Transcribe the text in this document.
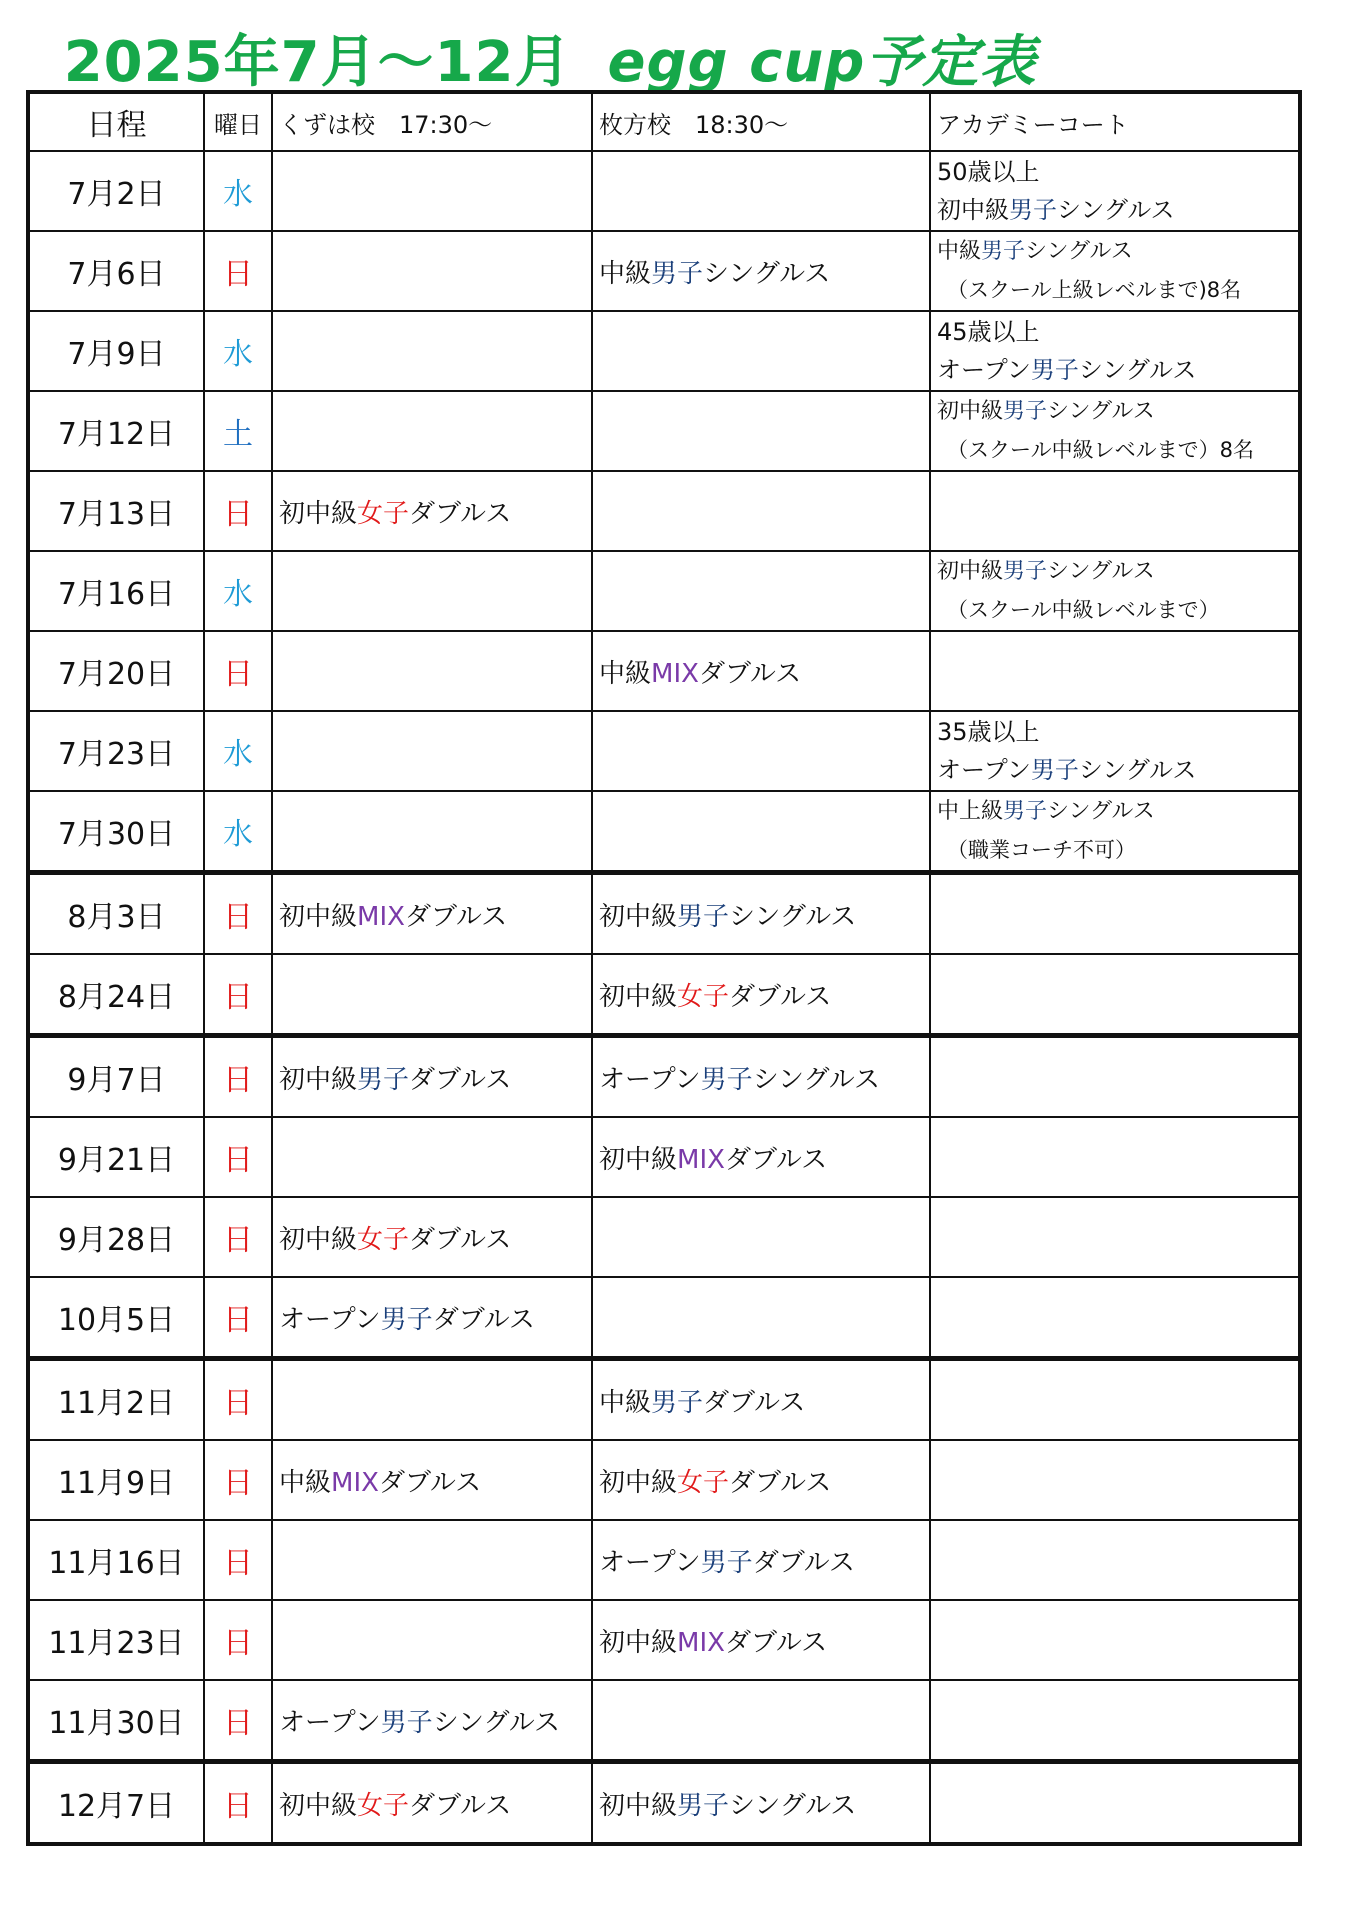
2025年7月～12月 egg cup予定表
日程	曜日	くずは校　17:30～	枚方校　18:30～	アカデミーコート
7月2日	水			50歳以上
初中級男子シングルス

7月6日	日		中級男子シングルス	中級男子シングルス
（スクール上級レベルまで)8名

7月9日	水			45歳以上
オープン男子シングルス

7月12日	土			初中級男子シングルス
（スクール中級レベルまで）8名

7月13日	日	初中級女子ダブルス		
7月16日	水			初中級男子シングルス
（スクール中級レベルまで）

7月20日	日		中級MIXダブルス	
7月23日	水			35歳以上
オープン男子シングルス

7月30日	水			中上級男子シングルス
（職業コーチ不可）

8月3日	日	初中級MIXダブルス	初中級男子シングルス	
8月24日	日		初中級女子ダブルス	
9月7日	日	初中級男子ダブルス	オープン男子シングルス	
9月21日	日		初中級MIXダブルス	
9月28日	日	初中級女子ダブルス		
10月5日	日	オープン男子ダブルス		
11月2日	日		中級男子ダブルス	
11月9日	日	中級MIXダブルス	初中級女子ダブルス	
11月16日	日		オープン男子ダブルス	
11月23日	日		初中級MIXダブルス	
11月30日	日	オープン男子シングルス		
12月7日	日	初中級女子ダブルス	初中級男子シングルス	
